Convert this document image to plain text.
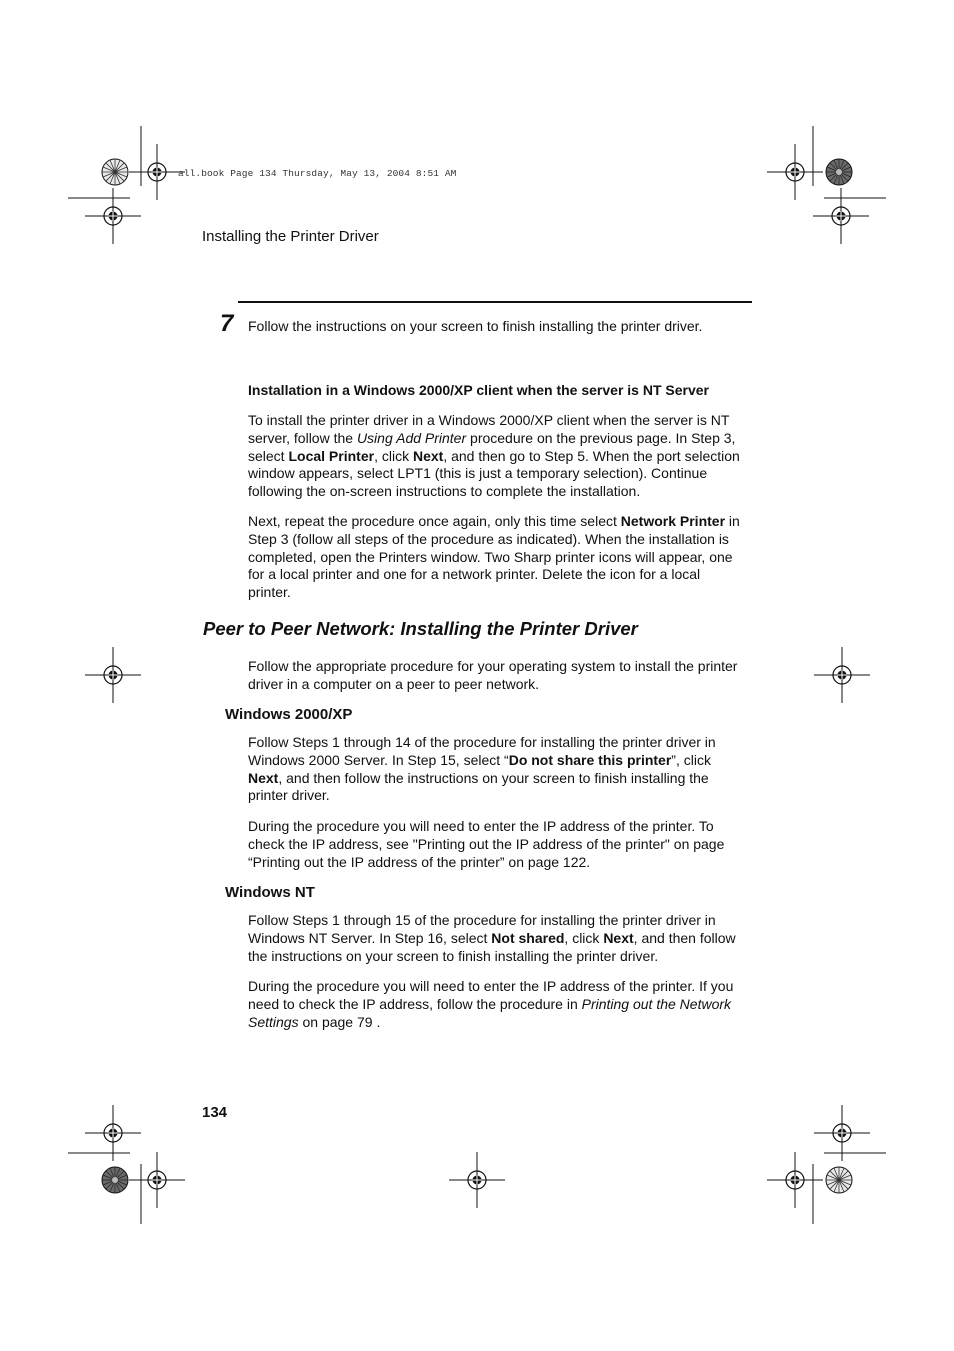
all.book Page 134 Thursday, May 13, 2004 8:51 AM
Installing the Printer Driver
7 Follow the instructions on your screen to finish installing the printer driver.
Installation in a Windows 2000/XP client when the server is NT Server

To install the printer driver in a Windows 2000/XP client when the server is NT server, follow the Using Add Printer procedure on the previous page. In Step 3, select Local Printer, click Next, and then go to Step 5. When the port selection window appears, select LPT1 (this is just a temporary selection). Continue following the on-screen instructions to complete the installation.

Next, repeat the procedure once again, only this time select Network Printer in Step 3 (follow all steps of the procedure as indicated). When the installation is completed, open the Printers window. Two Sharp printer icons will appear, one for a local printer and one for a network printer. Delete the icon for a local printer.

Peer to Peer Network: Installing the Printer Driver

Follow the appropriate procedure for your operating system to install the printer driver in a computer on a peer to peer network.

Windows 2000/XP

Follow Steps 1 through 14 of the procedure for installing the printer driver in Windows 2000 Server. In Step 15, select “Do not share this printer”, click Next, and then follow the instructions on your screen to finish installing the printer driver.

During the procedure you will need to enter the IP address of the printer. To check the IP address, see "Printing out the IP address of the printer" on page “Printing out the IP address of the printer” on page 122.

Windows NT

Follow Steps 1 through 15 of the procedure for installing the printer driver in Windows NT Server. In Step 16, select Not shared, click Next, and then follow the instructions on your screen to finish installing the printer driver.

During the procedure you will need to enter the IP address of the printer. If you need to check the IP address, follow the procedure in Printing out the Network Settings on page 79 .

134
